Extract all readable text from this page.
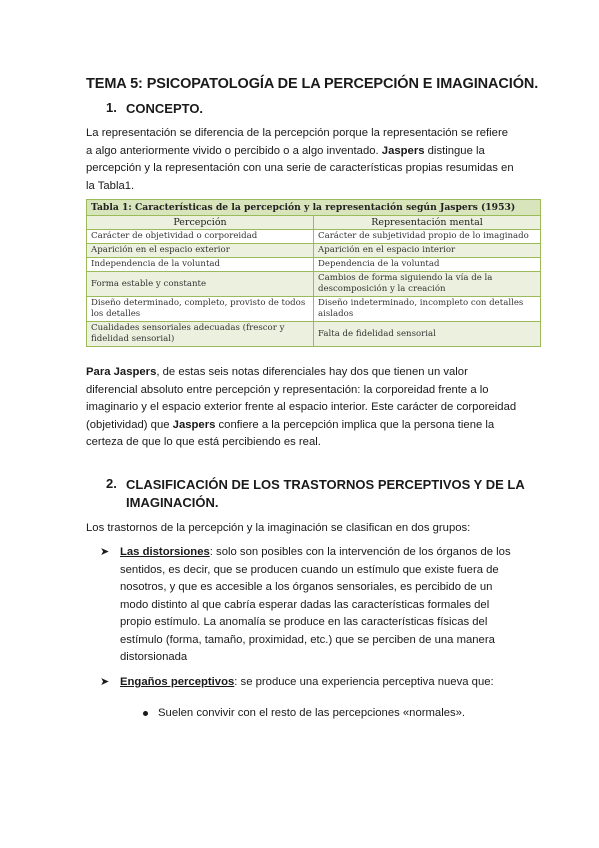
TEMA 5: PSICOPATOLOGÍA DE LA PERCEPCIÓN E IMAGINACIÓN.
1. CONCEPTO.

La representación se diferencia de la percepción porque la representación se refiere a algo anteriormente vivido o percibido o a algo inventado. Jaspers distingue la percepción y la representación con una serie de características propias resumidas en la Tabla1.

Tabla 1: Características de la percepción y la representación según Jaspers (1953)
Percepción	Representación mental
Carácter de objetividad o corporeidad	Carácter de subjetividad propio de lo imaginado
Aparición en el espacio exterior	Aparición en el espacio interior
Independencia de la voluntad	Dependencia de la voluntad
Forma estable y constante	Cambios de forma siguiendo la vía de la descomposición y la creación
Diseño determinado, completo, provisto de todos los detalles	Diseño indeterminado, incompleto con detalles aislados
Cualidades sensoriales adecuadas (frescor y fidelidad sensorial)	Falta de fidelidad sensorial

Para Jaspers, de estas seis notas diferenciales hay dos que tienen un valor diferencial absoluto entre percepción y representación: la corporeidad frente a lo imaginario y el espacio exterior frente al espacio interior. Este carácter de corporeidad (objetividad) que Jaspers confiere a la percepción implica que la persona tiene la certeza de que lo que está percibiendo es real.

2. CLASIFICACIÓN DE LOS TRASTORNOS PERCEPTIVOS Y DE LA
IMAGINACIÓN.

Los trastornos de la percepción y la imaginación se clasifican en dos grupos:

➤ Las distorsiones: solo son posibles con la intervención de los órganos de los sentidos, es decir, que se producen cuando un estímulo que existe fuera de nosotros, y que es accesible a los órganos sensoriales, es percibido de un modo distinto al que cabría esperar dadas las características formales del propio estímulo. La anomalía se produce en las características físicas del estímulo (forma, tamaño, proximidad, etc.) que se perciben de una manera distorsionada

➤ Engaños perceptivos: se produce una experiencia perceptiva nueva que:

Suelen convivir con el resto de las percepciones «normales».
